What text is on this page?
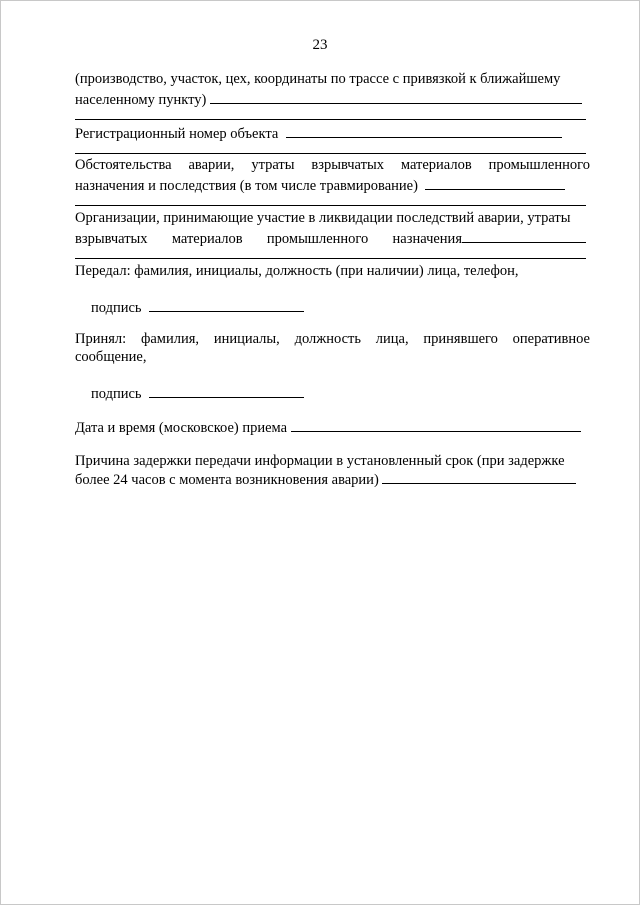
23
(производство, участок, цех, координаты по трассе с привязкой к ближайшему
населенному пункту)
Регистрационный номер объекта
Обстоятельства аварии, утраты взрывчатых материалов промышленного
назначения и последствия (в том числе травмирование)
Организации, принимающие участие в ликвидации последствий аварии, утраты
взрывчатых материалов промышленного назначения
Передал: фамилия, инициалы, должность (при наличии) лица, телефон,
подпись
Принял: фамилия, инициалы, должность лица, принявшего оперативное
сообщение,
подпись
Дата и время (московское) приема
Причина задержки передачи информации в установленный срок (при задержке
более 24 часов с момента возникновения аварии)
